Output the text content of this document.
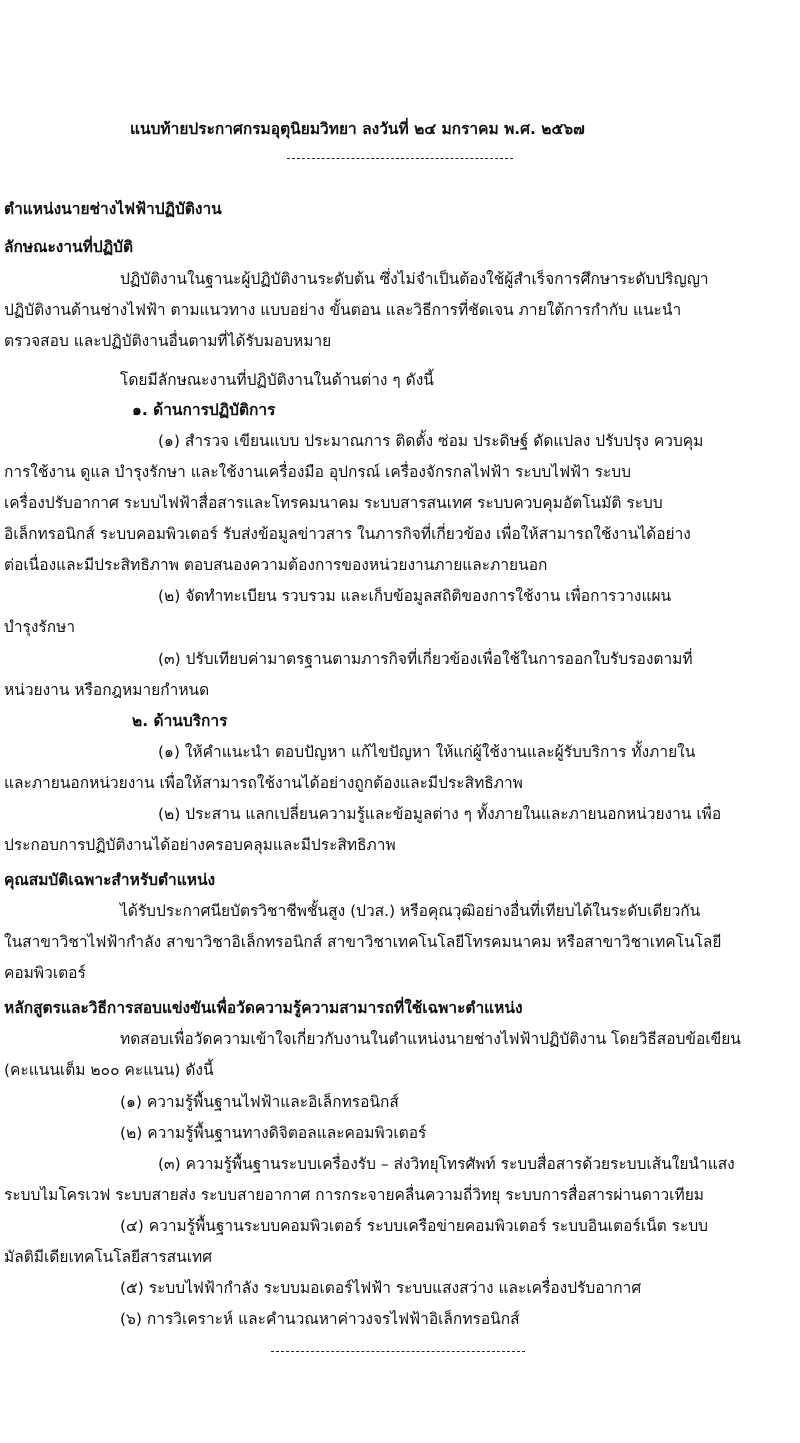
แนบท้ายประกาศกรมอุตุนิยมวิทยา ลงวันที่ ๒๔ มกราคม พ.ศ. ๒๕๖๗
ตำแหน่งนายช่างไฟฟ้าปฏิบัติงาน
ลักษณะงานที่ปฏิบัติ
ปฏิบัติงานในฐานะผู้ปฏิบัติงานระดับต้น ซึ่งไม่จำเป็นต้องใช้ผู้สำเร็จการศึกษาระดับปริญญา
ปฏิบัติงานด้านช่างไฟฟ้า ตามแนวทาง แบบอย่าง ขั้นตอน และวิธีการที่ชัดเจน ภายใต้การกำกับ แนะนำ
ตรวจสอบ และปฏิบัติงานอื่นตามที่ได้รับมอบหมาย
โดยมีลักษณะงานที่ปฏิบัติงานในด้านต่าง ๆ ดังนี้
๑. ด้านการปฏิบัติการ
(๑) สำรวจ เขียนแบบ ประมาณการ ติดตั้ง ซ่อม ประดิษฐ์ ดัดแปลง ปรับปรุง ควบคุม
การใช้งาน ดูแล บำรุงรักษา และใช้งานเครื่องมือ อุปกรณ์ เครื่องจักรกลไฟฟ้า ระบบไฟฟ้า ระบบ
เครื่องปรับอากาศ ระบบไฟฟ้าสื่อสารและโทรคมนาคม ระบบสารสนเทศ ระบบควบคุมอัตโนมัติ ระบบ
อิเล็กทรอนิกส์ ระบบคอมพิวเตอร์ รับส่งข้อมูลข่าวสาร ในภารกิจที่เกี่ยวข้อง เพื่อให้สามารถใช้งานได้อย่าง
ต่อเนื่องและมีประสิทธิภาพ ตอบสนองความต้องการของหน่วยงานภายและภายนอก
(๒) จัดทำทะเบียน รวบรวม และเก็บข้อมูลสถิติของการใช้งาน เพื่อการวางแผน
บำรุงรักษา
(๓) ปรับเทียบค่ามาตรฐานตามภารกิจที่เกี่ยวข้องเพื่อใช้ในการออกใบรับรองตามที่
หน่วยงาน หรือกฎหมายกำหนด
๒. ด้านบริการ
(๑) ให้คำแนะนำ ตอบปัญหา แก้ไขปัญหา ให้แก่ผู้ใช้งานและผู้รับบริการ ทั้งภายใน
และภายนอกหน่วยงาน เพื่อให้สามารถใช้งานได้อย่างถูกต้องและมีประสิทธิภาพ
(๒) ประสาน แลกเปลี่ยนความรู้และข้อมูลต่าง ๆ ทั้งภายในและภายนอกหน่วยงาน เพื่อ
ประกอบการปฏิบัติงานได้อย่างครอบคลุมและมีประสิทธิภาพ
คุณสมบัติเฉพาะสำหรับตำแหน่ง
ได้รับประกาศนียบัตรวิชาชีพชั้นสูง (ปวส.) หรือคุณวุฒิอย่างอื่นที่เทียบได้ในระดับเดียวกัน
ในสาขาวิชาไฟฟ้ากำลัง สาขาวิชาอิเล็กทรอนิกส์ สาขาวิชาเทคโนโลยีโทรคมนาคม หรือสาขาวิชาเทคโนโลยี
คอมพิวเตอร์
หลักสูตรและวิธีการสอบแข่งขันเพื่อวัดความรู้ความสามารถที่ใช้เฉพาะตำแหน่ง
ทดสอบเพื่อวัดความเข้าใจเกี่ยวกับงานในตำแหน่งนายช่างไฟฟ้าปฏิบัติงาน โดยวิธีสอบข้อเขียน
(คะแนนเต็ม ๒๐๐ คะแนน) ดังนี้
(๑) ความรู้พื้นฐานไฟฟ้าและอิเล็กทรอนิกส์
(๒) ความรู้พื้นฐานทางดิจิตอลและคอมพิวเตอร์
(๓) ความรู้พื้นฐานระบบเครื่องรับ – ส่งวิทยุโทรศัพท์ ระบบสื่อสารด้วยระบบเส้นใยนำแสง
ระบบไมโครเวฟ ระบบสายส่ง ระบบสายอากาศ การกระจายคลื่นความถี่วิทยุ ระบบการสื่อสารผ่านดาวเทียม
(๔) ความรู้พื้นฐานระบบคอมพิวเตอร์ ระบบเครือข่ายคอมพิวเตอร์ ระบบอินเตอร์เน็ต ระบบ
มัลติมีเดียเทคโนโลยีสารสนเทศ
(๕) ระบบไฟฟ้ากำลัง ระบบมอเตอร์ไฟฟ้า ระบบแสงสว่าง และเครื่องปรับอากาศ
(๖) การวิเคราะห์ และคำนวณหาค่าวงจรไฟฟ้าอิเล็กทรอนิกส์
